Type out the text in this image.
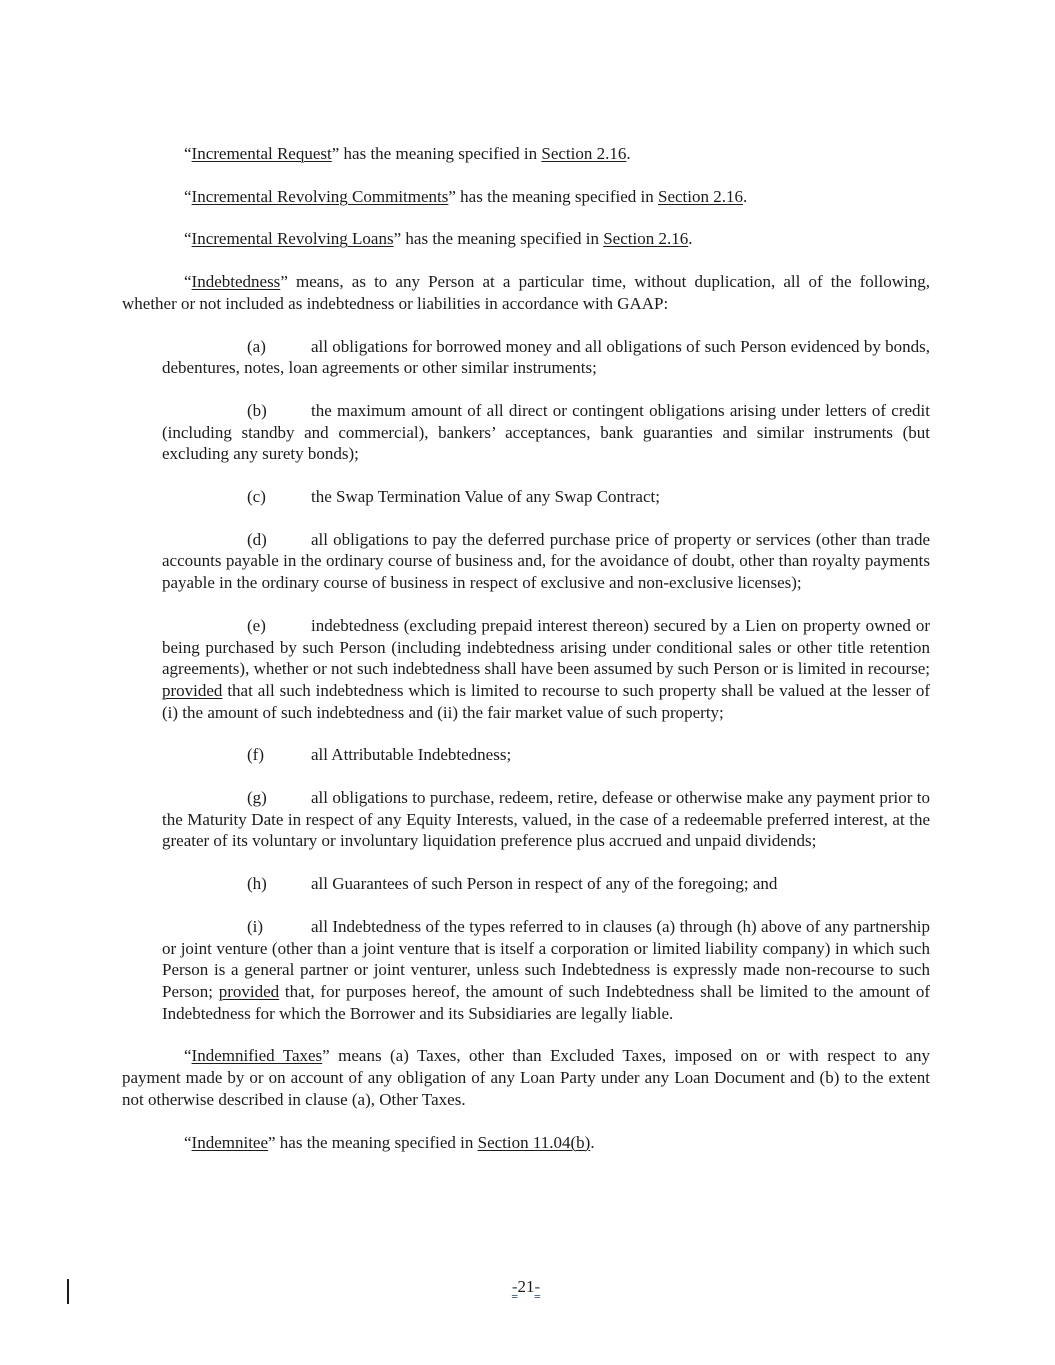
“Incremental Request” has the meaning specified in Section 2.16.
“Incremental Revolving Commitments” has the meaning specified in Section 2.16.
“Incremental Revolving Loans” has the meaning specified in Section 2.16.
“Indebtedness” means, as to any Person at a particular time, without duplication, all of the following, whether or not included as indebtedness or liabilities in accordance with GAAP:
(a)	all obligations for borrowed money and all obligations of such Person evidenced by bonds, debentures, notes, loan agreements or other similar instruments;
(b)	the maximum amount of all direct or contingent obligations arising under letters of credit (including standby and commercial), bankers’ acceptances, bank guaranties and similar instruments (but excluding any surety bonds);
(c)	the Swap Termination Value of any Swap Contract;
(d)	all obligations to pay the deferred purchase price of property or services (other than trade accounts payable in the ordinary course of business and, for the avoidance of doubt, other than royalty payments payable in the ordinary course of business in respect of exclusive and non-exclusive licenses);
(e)	indebtedness (excluding prepaid interest thereon) secured by a Lien on property owned or being purchased by such Person (including indebtedness arising under conditional sales or other title retention agreements), whether or not such indebtedness shall have been assumed by such Person or is limited in recourse; provided that all such indebtedness which is limited to recourse to such property shall be valued at the lesser of (i) the amount of such indebtedness and (ii) the fair market value of such property;
(f)	all Attributable Indebtedness;
(g)	all obligations to purchase, redeem, retire, defease or otherwise make any payment prior to the Maturity Date in respect of any Equity Interests, valued, in the case of a redeemable preferred interest, at the greater of its voluntary or involuntary liquidation preference plus accrued and unpaid dividends;
(h)	all Guarantees of such Person in respect of any of the foregoing; and
(i)	all Indebtedness of the types referred to in clauses (a) through (h) above of any partnership or joint venture (other than a joint venture that is itself a corporation or limited liability company) in which such Person is a general partner or joint venturer, unless such Indebtedness is expressly made non-recourse to such Person; provided that, for purposes hereof, the amount of such Indebtedness shall be limited to the amount of Indebtedness for which the Borrower and its Subsidiaries are legally liable.
“Indemnified Taxes” means (a) Taxes, other than Excluded Taxes, imposed on or with respect to any payment made by or on account of any obligation of any Loan Party under any Loan Document and (b) to the extent not otherwise described in clause (a), Other Taxes.
“Indemnitee” has the meaning specified in Section 11.04(b).
-21-
